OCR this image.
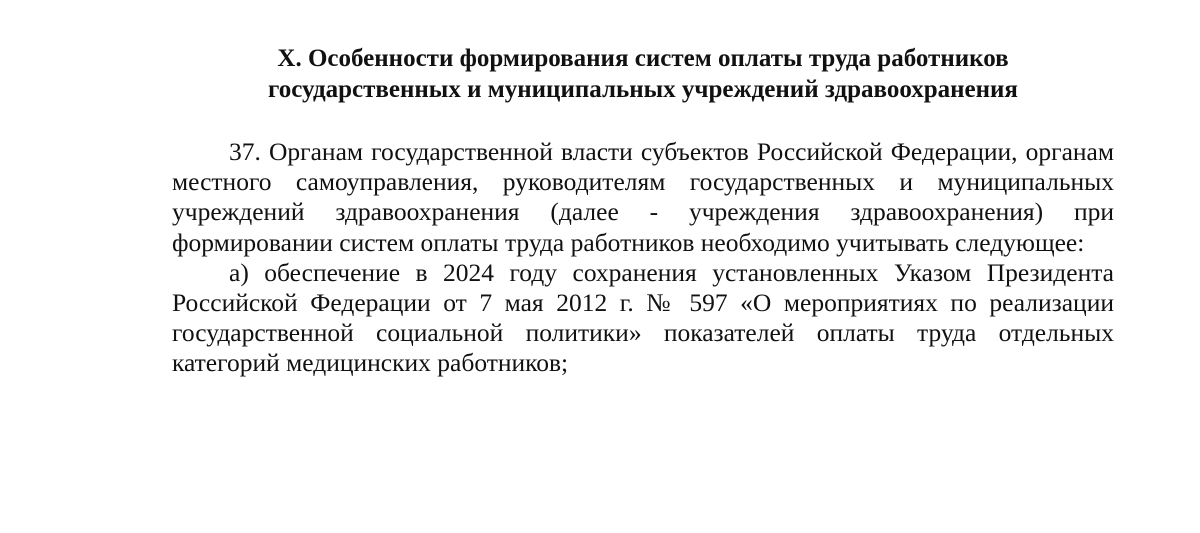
X. Особенности формирования систем оплаты труда работников
государственных и муниципальных учреждений здравоохранения

37. Органам государственной власти субъектов Российской Федерации, органам местного самоуправления, руководителям государственных и муниципальных учреждений здравоохранения (далее - учреждения здравоохранения) при формировании систем оплаты труда работников необходимо учитывать следующее:

а) обеспечение в 2024 году сохранения установленных Указом Президента Российской Федерации от 7 мая 2012 г. № 597 «О мероприятиях по реализации государственной социальной политики» показателей оплаты труда отдельных категорий медицинских работников;
